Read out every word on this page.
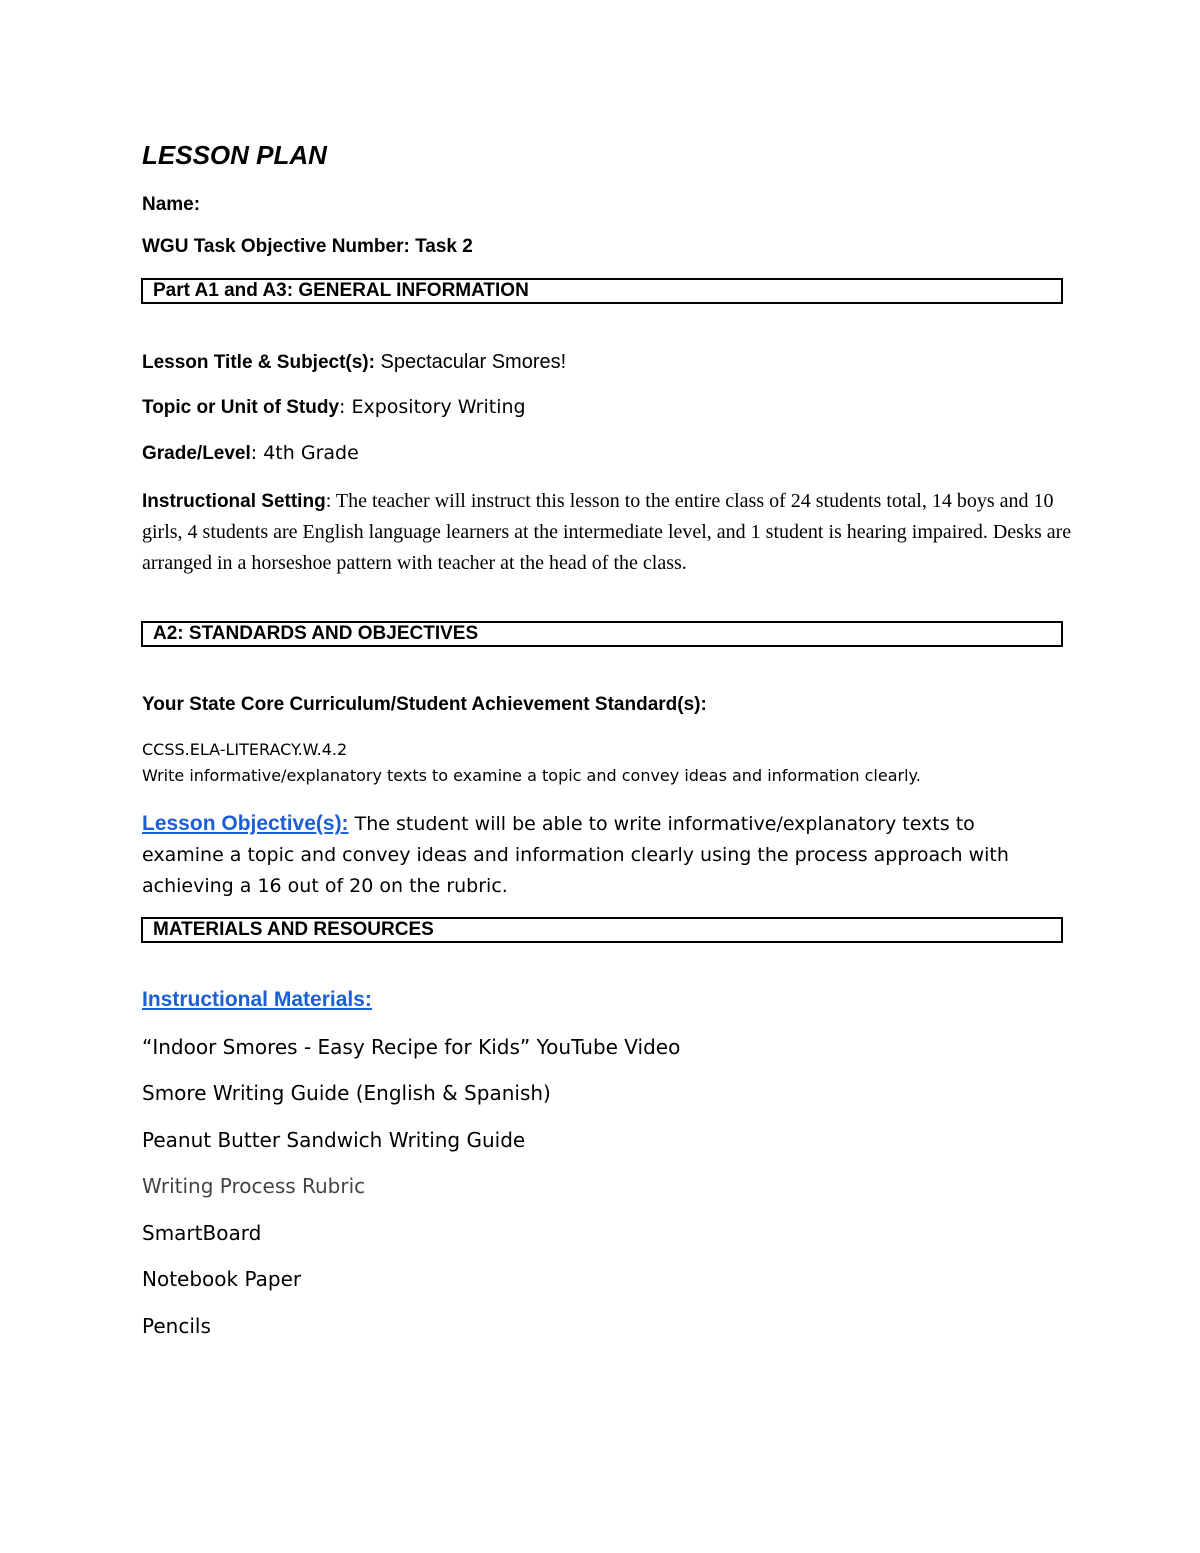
LESSON PLAN
Name:
WGU Task Objective Number: Task 2
Part A1 and A3: GENERAL INFORMATION
Lesson Title & Subject(s): Spectacular Smores!
Topic or Unit of Study: Expository Writing
Grade/Level: 4th Grade
Instructional Setting: The teacher will instruct this lesson to the entire class of 24 students total, 14 boys and 10 girls, 4 students are English language learners at the intermediate level, and 1 student is hearing impaired. Desks are arranged in a horseshoe pattern with teacher at the head of the class.
A2: STANDARDS AND OBJECTIVES
Your State Core Curriculum/Student Achievement Standard(s):
CCSS.ELA-LITERACY.W.4.2
Write informative/explanatory texts to examine a topic and convey ideas and information clearly.
Lesson Objective(s): The student will be able to write informative/explanatory texts to examine a topic and convey ideas and information clearly using the process approach with achieving a 16 out of 20 on the rubric.
MATERIALS AND RESOURCES
Instructional Materials:
“Indoor Smores - Easy Recipe for Kids” YouTube Video
Smore Writing Guide (English & Spanish)
Peanut Butter Sandwich Writing Guide
Writing Process Rubric
SmartBoard
Notebook Paper
Pencils
